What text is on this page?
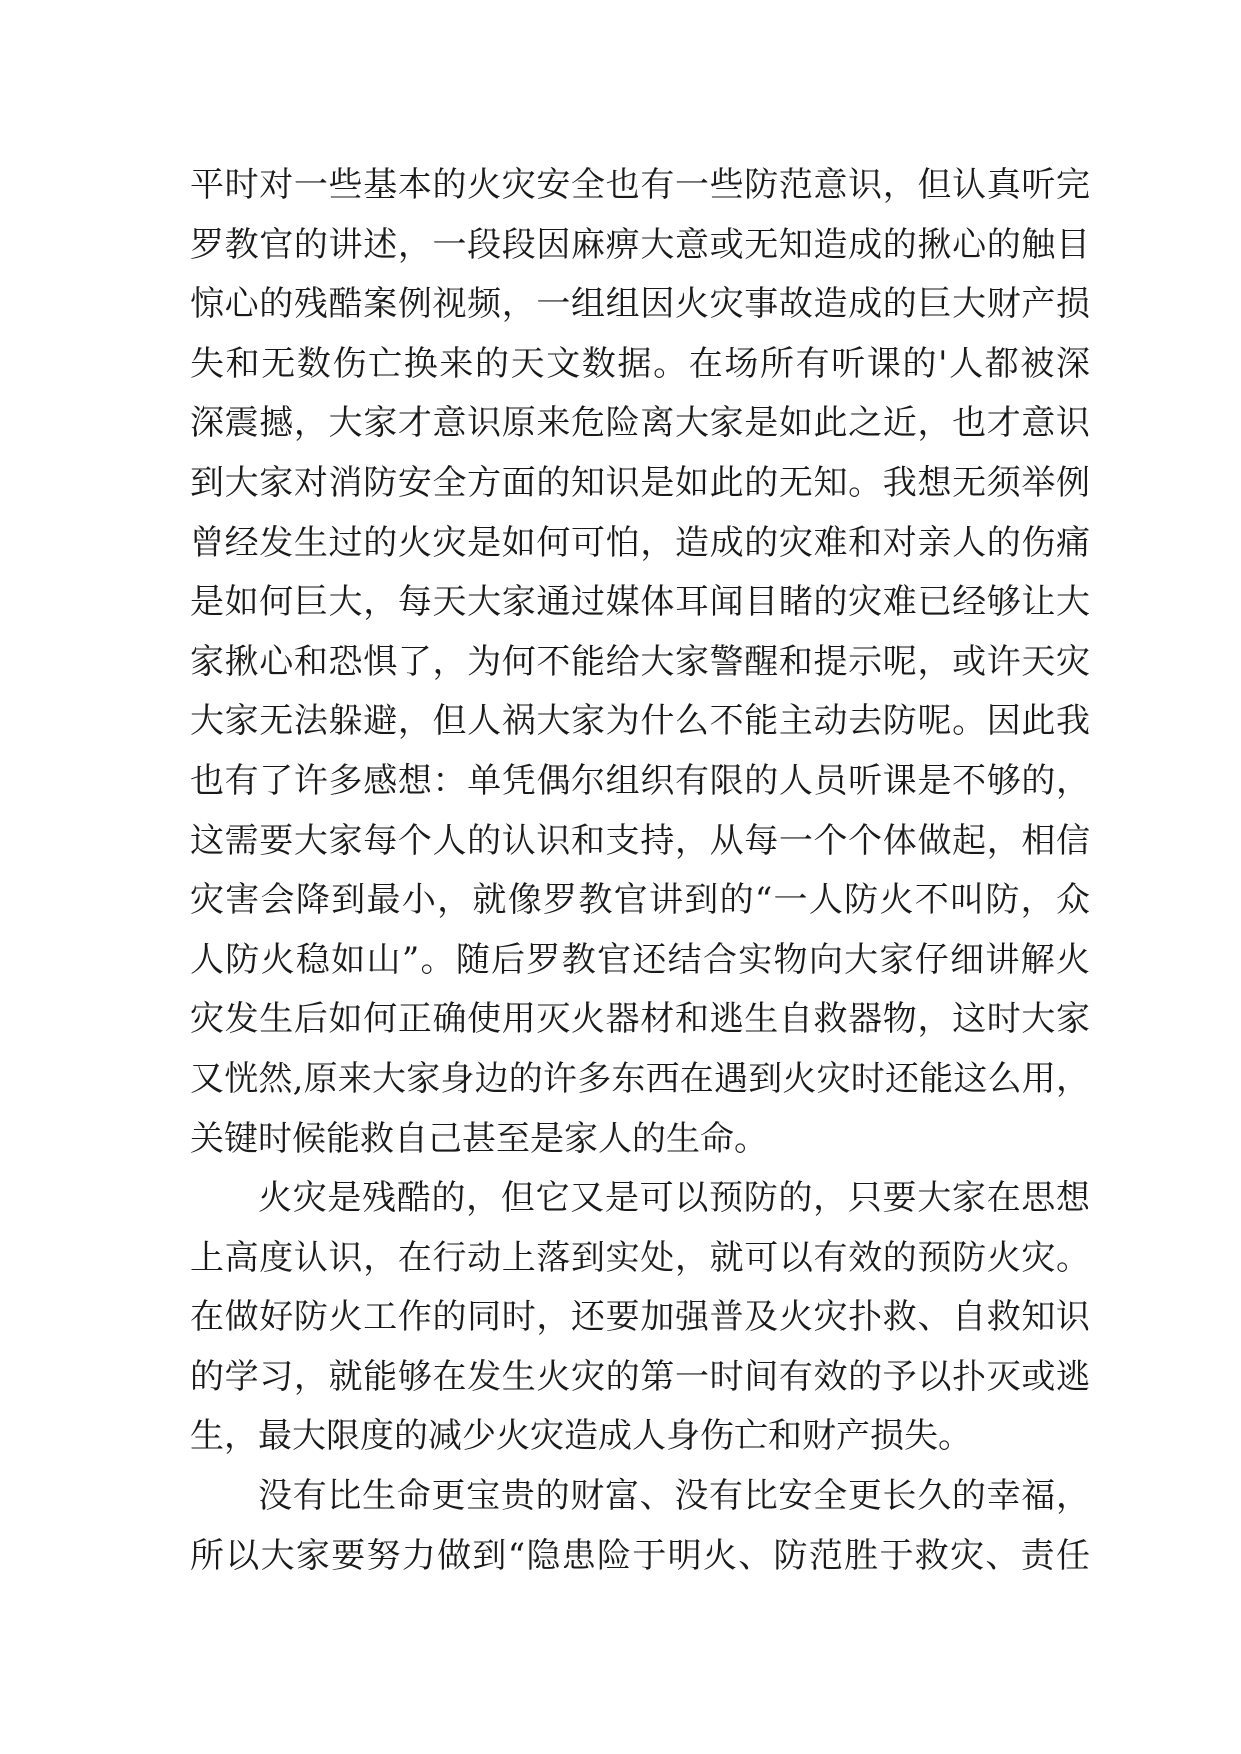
平时对一些基本的火灾安全也有一些防范意识，但认真听完
罗教官的讲述，一段段因麻痹大意或无知造成的揪心的触目
惊心的残酷案例视频，一组组因火灾事故造成的巨大财产损
失和无数伤亡换来的天文数据。在场所有听课的'人都被深
深震撼，大家才意识原来危险离大家是如此之近，也才意识
到大家对消防安全方面的知识是如此的无知。我想无须举例
曾经发生过的火灾是如何可怕，造成的灾难和对亲人的伤痛
是如何巨大，每天大家通过媒体耳闻目睹的灾难已经够让大
家揪心和恐惧了，为何不能给大家警醒和提示呢，或许天灾
大家无法躲避，但人祸大家为什么不能主动去防呢。因此我
也有了许多感想：单凭偶尔组织有限的人员听课是不够的，
这需要大家每个人的认识和支持，从每一个个体做起，相信
灾害会降到最小，就像罗教官讲到的“一人防火不叫防，众
人防火稳如山”。随后罗教官还结合实物向大家仔细讲解火
灾发生后如何正确使用灭火器材和逃生自救器物，这时大家
又恍然,原来大家身边的许多东西在遇到火灾时还能这么用，
关键时候能救自己甚至是家人的生命。
火灾是残酷的，但它又是可以预防的，只要大家在思想
上高度认识，在行动上落到实处，就可以有效的预防火灾。
在做好防火工作的同时，还要加强普及火灾扑救、自救知识
的学习，就能够在发生火灾的第一时间有效的予以扑灭或逃
生，最大限度的减少火灾造成人身伤亡和财产损失。
没有比生命更宝贵的财富、没有比安全更长久的幸福，
所以大家要努力做到“隐患险于明火、防范胜于救灾、责任
